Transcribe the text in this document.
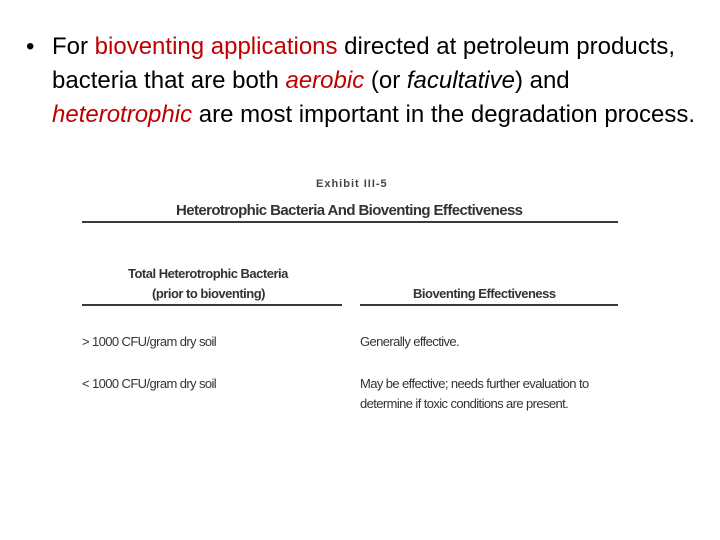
• For bioventing applications directed at petroleum products, bacteria that are both aerobic (or facultative) and heterotrophic are most important in the degradation process.
Exhibit III-5
Heterotrophic Bacteria And Bioventing Effectiveness
Total Heterotrophic Bacteria
(prior to bioventing)	Bioventing Effectiveness
> 1000 CFU/gram dry soil	Generally effective.
< 1000 CFU/gram dry soil	May be effective; needs further evaluation to determine if toxic conditions are present.
